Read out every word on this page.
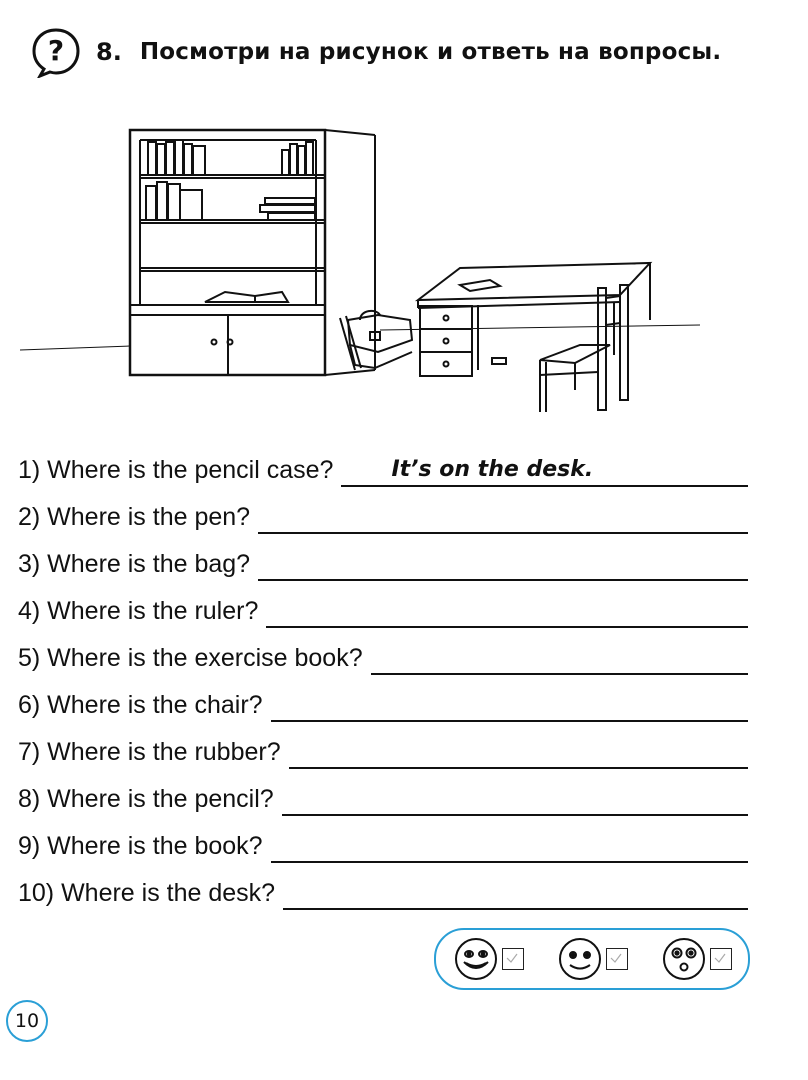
? 8. Посмотри на рисунок и ответь на вопросы.
1) Where is the pencil case?	It’s on the desk.
2) Where is the pen?
3) Where is the bag?
4) Where is the ruler?
5) Where is the exercise book?
6) Where is the chair?
7) Where is the rubber?
8) Where is the pencil?
9) Where is the book?
10) Where is the desk?
10
